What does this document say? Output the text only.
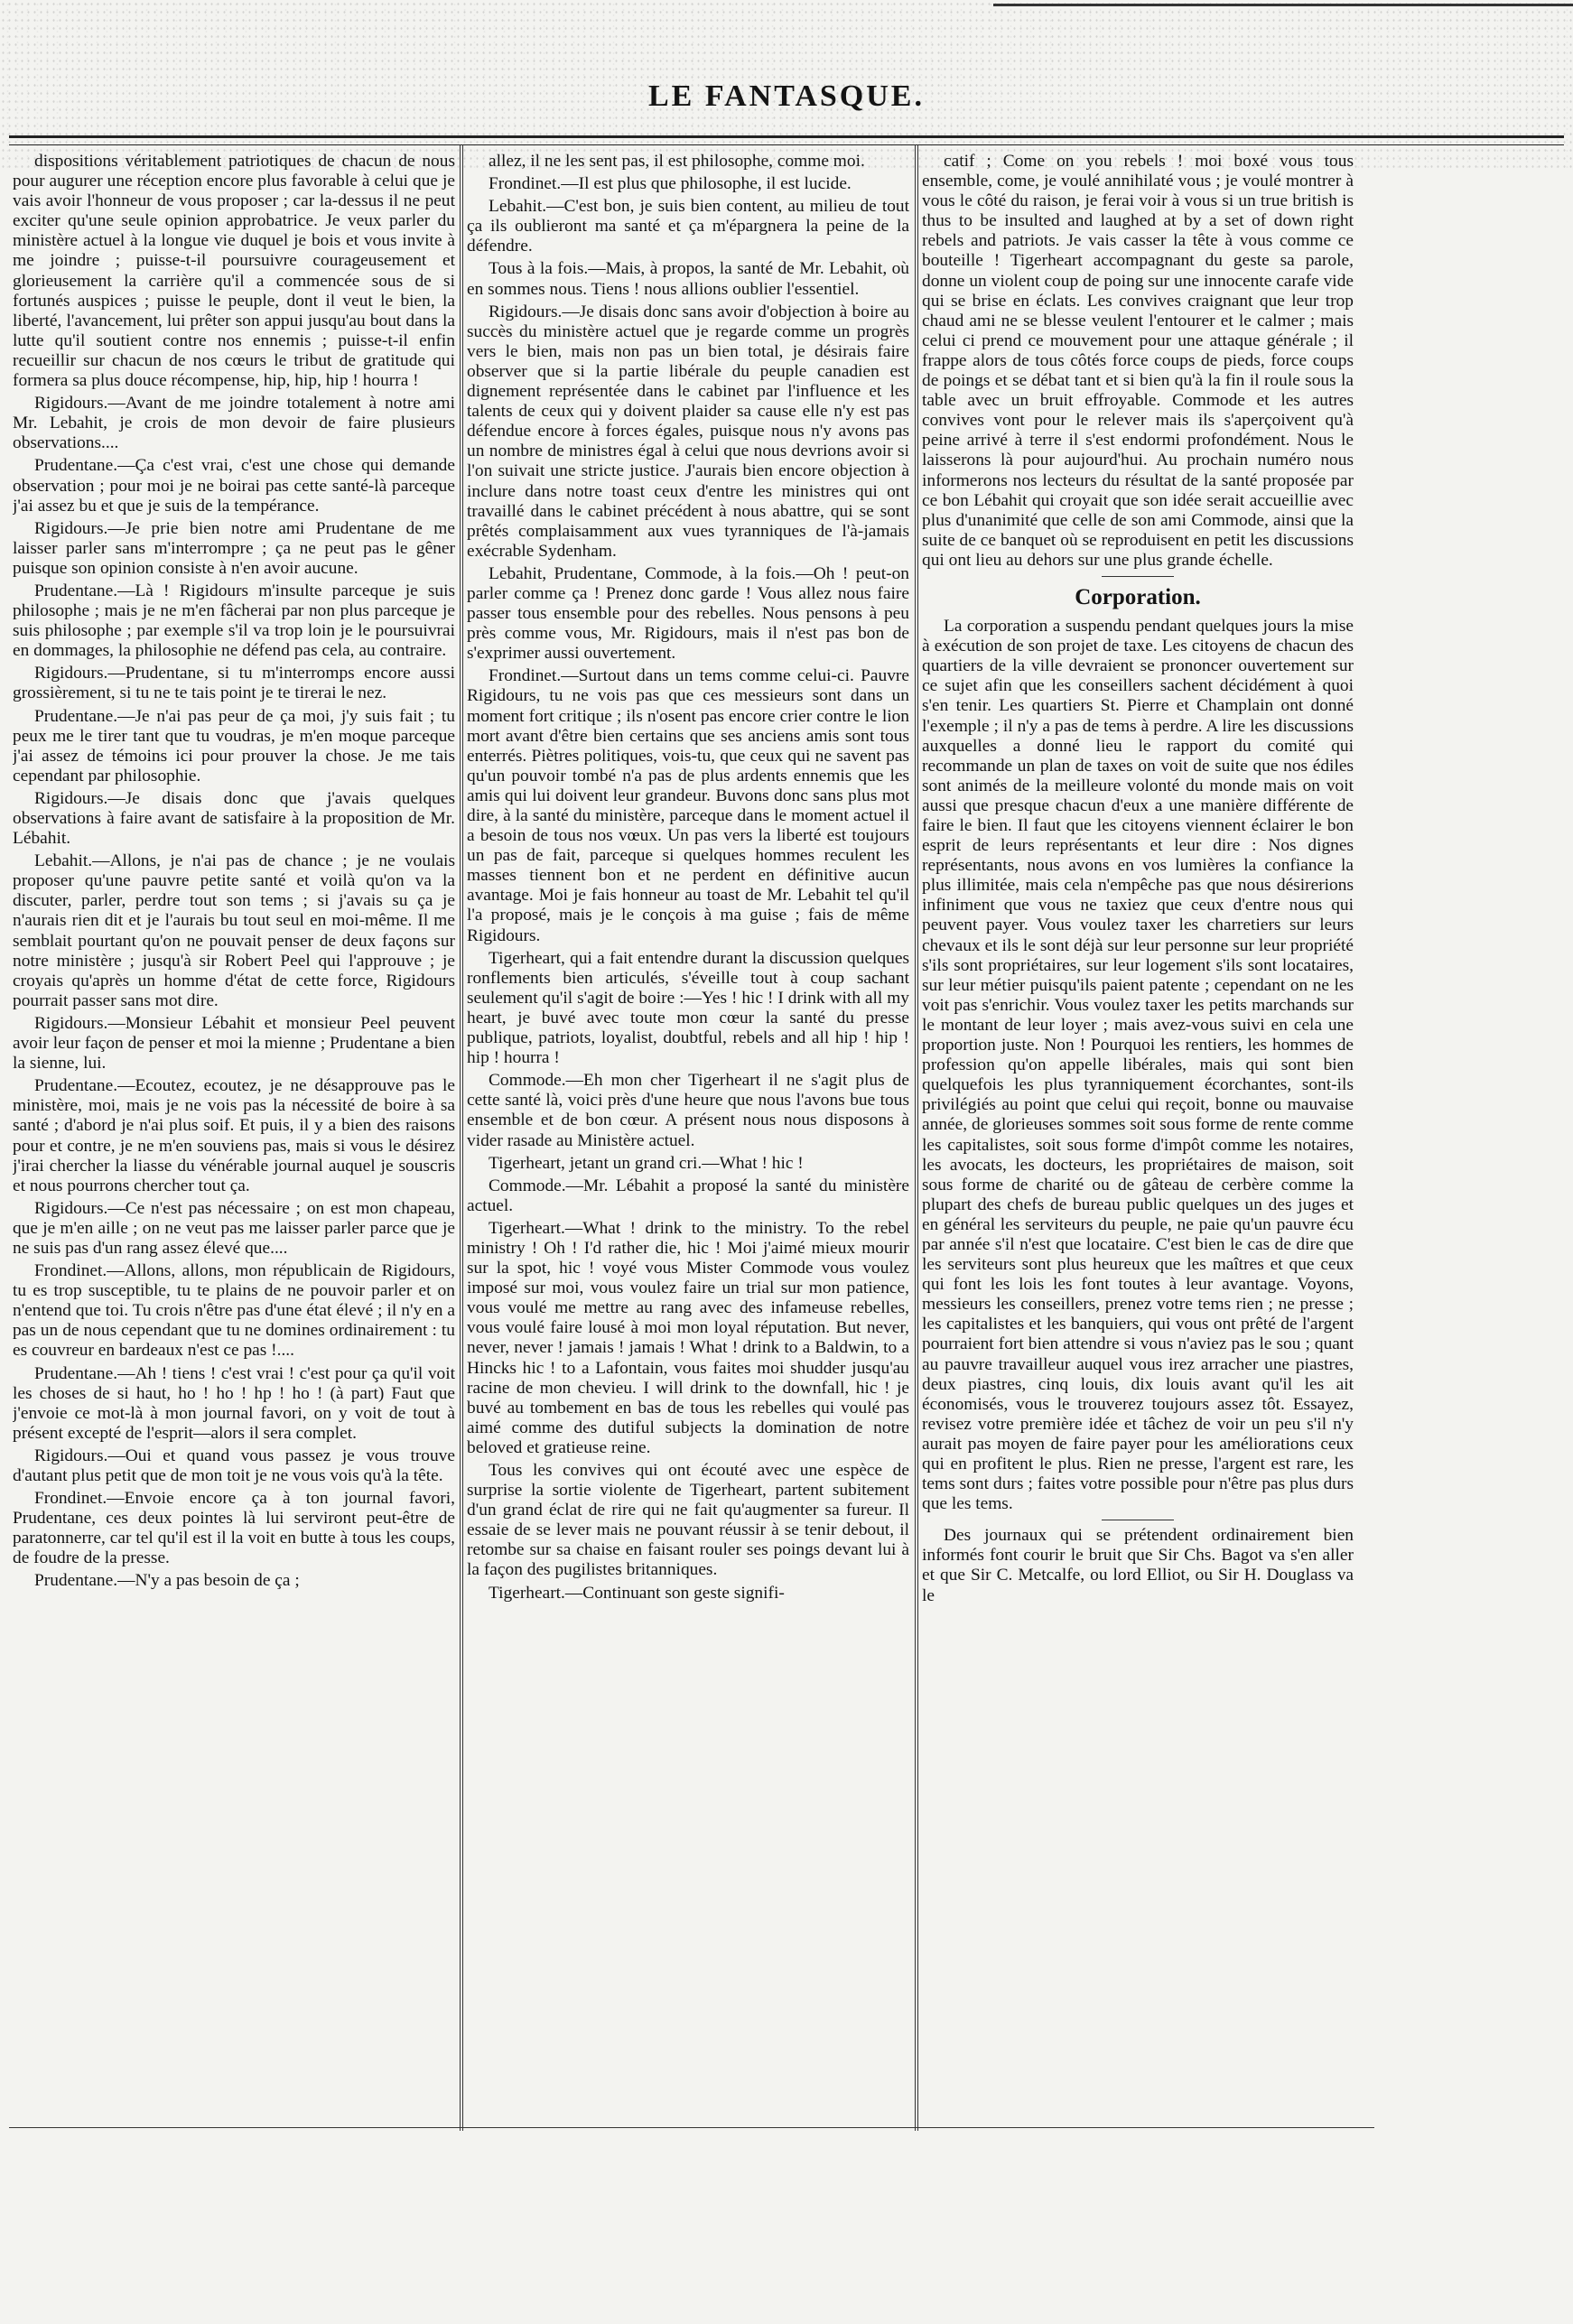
LE FANTASQUE.

dispositions véritablement patriotiques de chacun de nous pour augurer une réception encore plus favorable à celui que je vais avoir l'honneur de vous proposer ; car la-dessus il ne peut exciter qu'une seule opinion approbatrice. Je veux parler du ministère actuel à la longue vie duquel je bois et vous invite à me joindre ; puisse-t-il poursuivre courageusement et glorieusement la carrière qu'il a commencée sous de si fortunés auspices ; puisse le peuple, dont il veut le bien, la liberté, l'avancement, lui prêter son appui jusqu'au bout dans la lutte qu'il soutient contre nos ennemis ; puisse-t-il enfin recueillir sur chacun de nos cœurs le tribut de gratitude qui formera sa plus douce récompense, hip, hip, hip ! hourra !

Rigidours.—Avant de me joindre totalement à notre ami Mr. Lebahit, je crois de mon devoir de faire plusieurs observations....

Prudentane.—Ça c'est vrai, c'est une chose qui demande observation ; pour moi je ne boirai pas cette santé-là parceque j'ai assez bu et que je suis de la tempérance.

Rigidours.—Je prie bien notre ami Prudentane de me laisser parler sans m'interrompre ; ça ne peut pas le gêner puisque son opinion consiste à n'en avoir aucune.

Prudentane.—Là ! Rigidours m'insulte parceque je suis philosophe ; mais je ne m'en fâcherai par non plus parceque je suis philosophe ; par exemple s'il va trop loin je le poursuivrai en dommages, la philosophie ne défend pas cela, au contraire.

Rigidours.—Prudentane, si tu m'interromps encore aussi grossièrement, si tu ne te tais point je te tirerai le nez.

Prudentane.—Je n'ai pas peur de ça moi, j'y suis fait ; tu peux me le tirer tant que tu voudras, je m'en moque parceque j'ai assez de témoins ici pour prouver la chose. Je me tais cependant par philosophie.

Rigidours.—Je disais donc que j'avais quelques observations à faire avant de satisfaire à la proposition de Mr. Lébahit.

Lebahit.—Allons, je n'ai pas de chance ; je ne voulais proposer qu'une pauvre petite santé et voilà qu'on va la discuter, parler, perdre tout son tems ; si j'avais su ça je n'aurais rien dit et je l'aurais bu tout seul en moi-même. Il me semblait pourtant qu'on ne pouvait penser de deux façons sur notre ministère ; jusqu'à sir Robert Peel qui l'approuve ; je croyais qu'après un homme d'état de cette force, Rigidours pourrait passer sans mot dire.

Rigidours.—Monsieur Lébahit et monsieur Peel peuvent avoir leur façon de penser et moi la mienne ; Prudentane a bien la sienne, lui.

Prudentane.—Ecoutez, ecoutez, je ne désapprouve pas le ministère, moi, mais je ne vois pas la nécessité de boire à sa santé ; d'abord je n'ai plus soif. Et puis, il y a bien des raisons pour et contre, je ne m'en souviens pas, mais si vous le désirez j'irai chercher la liasse du vénérable journal auquel je souscris et nous pourrons chercher tout ça.

Rigidours.—Ce n'est pas nécessaire ; on est mon chapeau, que je m'en aille ; on ne veut pas me laisser parler parce que je ne suis pas d'un rang assez élevé que....

Frondinet.—Allons, allons, mon républicain de Rigidours, tu es trop susceptible, tu te plains de ne pouvoir parler et on n'entend que toi. Tu crois n'être pas d'une état élevé ; il n'y en a pas un de nous cependant que tu ne domines ordinairement : tu es couvreur en bardeaux n'est ce pas !....

Prudentane.—Ah ! tiens ! c'est vrai ! c'est pour ça qu'il voit les choses de si haut, ho ! ho ! hp ! ho ! (à part) Faut que j'envoie ce mot-là à mon journal favori, on y voit de tout à présent excepté de l'esprit—alors il sera complet.

Rigidours.—Oui et quand vous passez je vous trouve d'autant plus petit que de mon toit je ne vous vois qu'à la tête.

Frondinet.—Envoie encore ça à ton journal favori, Prudentane, ces deux pointes là lui serviront peut-être de paratonnerre, car tel qu'il est il la voit en butte à tous les coups, de foudre de la presse.

Prudentane.—N'y a pas besoin de ça ;

allez, il ne les sent pas, il est philosophe, comme moi.

Frondinet.—Il est plus que philosophe, il est lucide.

Lebahit.—C'est bon, je suis bien content, au milieu de tout ça ils oublieront ma santé et ça m'épargnera la peine de la défendre.

Tous à la fois.—Mais, à propos, la santé de Mr. Lebahit, où en sommes nous. Tiens ! nous allions oublier l'essentiel.

Rigidours.—Je disais donc sans avoir d'objection à boire au succès du ministère actuel que je regarde comme un progrès vers le bien, mais non pas un bien total, je désirais faire observer que si la partie libérale du peuple canadien est dignement représentée dans le cabinet par l'influence et les talents de ceux qui y doivent plaider sa cause elle n'y est pas défendue encore à forces égales, puisque nous n'y avons pas un nombre de ministres égal à celui que nous devrions avoir si l'on suivait une stricte justice. J'aurais bien encore objection à inclure dans notre toast ceux d'entre les ministres qui ont travaillé dans le cabinet précédent à nous abattre, qui se sont prêtés complaisamment aux vues tyranniques de l'à-jamais exécrable Sydenham.

Lebahit, Prudentane, Commode, à la fois.—Oh ! peut-on parler comme ça ! Prenez donc garde ! Vous allez nous faire passer tous ensemble pour des rebelles. Nous pensons à peu près comme vous, Mr. Rigidours, mais il n'est pas bon de s'exprimer aussi ouvertement.

Frondinet.—Surtout dans un tems comme celui-ci. Pauvre Rigidours, tu ne vois pas que ces messieurs sont dans un moment fort critique ; ils n'osent pas encore crier contre le lion mort avant d'être bien certains que ses anciens amis sont tous enterrés. Piètres politiques, vois-tu, que ceux qui ne savent pas qu'un pouvoir tombé n'a pas de plus ardents ennemis que les amis qui lui doivent leur grandeur. Buvons donc sans plus mot dire, à la santé du ministère, parceque dans le moment actuel il a besoin de tous nos vœux. Un pas vers la liberté est toujours un pas de fait, parceque si quelques hommes reculent les masses tiennent bon et ne perdent en définitive aucun avantage. Moi je fais honneur au toast de Mr. Lebahit tel qu'il l'a proposé, mais je le conçois à ma guise ; fais de même Rigidours.

Tigerheart, qui a fait entendre durant la discussion quelques ronflements bien articulés, s'éveille tout à coup sachant seulement qu'il s'agit de boire :—Yes ! hic ! I drink with all my heart, je buvé avec toute mon cœur la santé du presse publique, patriots, loyalist, doubtful, rebels and all hip ! hip ! hip ! hourra !

Commode.—Eh mon cher Tigerheart il ne s'agit plus de cette santé là, voici près d'une heure que nous l'avons bue tous ensemble et de bon cœur. A présent nous nous disposons à vider rasade au Ministère actuel.

Tigerheart, jetant un grand cri.—What ! hic !

Commode.—Mr. Lébahit a proposé la santé du ministère actuel.

Tigerheart.—What ! drink to the ministry. To the rebel ministry ! Oh ! I'd rather die, hic ! Moi j'aimé mieux mourir sur la spot, hic ! voyé vous Mister Commode vous voulez imposé sur moi, vous voulez faire un trial sur mon patience, vous voulé me mettre au rang avec des infameuse rebelles, vous voulé faire lousé à moi mon loyal réputation. But never, never, never ! jamais ! jamais ! What ! drink to a Baldwin, to a Hincks hic ! to a Lafontain, vous faites moi shudder jusqu'au racine de mon chevieu. I will drink to the downfall, hic ! je buvé au tombement en bas de tous les rebelles qui voulé pas aimé comme des dutiful subjects la domination de notre beloved et gratieuse reine.

Tous les convives qui ont écouté avec une espèce de surprise la sortie violente de Tigerheart, partent subitement d'un grand éclat de rire qui ne fait qu'augmenter sa fureur. Il essaie de se lever mais ne pouvant réussir à se tenir debout, il retombe sur sa chaise en faisant rouler ses poings devant lui à la façon des pugilistes britanniques.

Tigerheart.—Continuant son geste signifi-

catif ; Come on you rebels ! moi boxé vous tous ensemble, come, je voulé annihilaté vous ; je voulé montrer à vous le côté du raison, je ferai voir à vous si un true british is thus to be insulted and laughed at by a set of down right rebels and patriots. Je vais casser la tête à vous comme ce bouteille ! Tigerheart accompagnant du geste sa parole, donne un violent coup de poing sur une innocente carafe vide qui se brise en éclats. Les convives craignant que leur trop chaud ami ne se blesse veulent l'entourer et le calmer ; mais celui ci prend ce mouvement pour une attaque générale ; il frappe alors de tous côtés force coups de pieds, force coups de poings et se débat tant et si bien qu'à la fin il roule sous la table avec un bruit effroyable. Commode et les autres convives vont pour le relever mais ils s'aperçoivent qu'à peine arrivé à terre il s'est endormi profondément. Nous le laisserons là pour aujourd'hui. Au prochain numéro nous informerons nos lecteurs du résultat de la santé proposée par ce bon Lébahit qui croyait que son idée serait accueillie avec plus d'unanimité que celle de son ami Commode, ainsi que la suite de ce banquet où se reproduisent en petit les discussions qui ont lieu au dehors sur une plus grande échelle.

Corporation.

La corporation a suspendu pendant quelques jours la mise à exécution de son projet de taxe. Les citoyens de chacun des quartiers de la ville devraient se prononcer ouvertement sur ce sujet afin que les conseillers sachent décidément à quoi s'en tenir. Les quartiers St. Pierre et Champlain ont donné l'exemple ; il n'y a pas de tems à perdre. A lire les discussions auxquelles a donné lieu le rapport du comité qui recommande un plan de taxes on voit de suite que nos édiles sont animés de la meilleure volonté du monde mais on voit aussi que presque chacun d'eux a une manière différente de faire le bien. Il faut que les citoyens viennent éclairer le bon esprit de leurs représentants et leur dire : Nos dignes représentants, nous avons en vos lumières la confiance la plus illimitée, mais cela n'empêche pas que nous désirerions infiniment que vous ne taxiez que ceux d'entre nous qui peuvent payer. Vous voulez taxer les charretiers sur leurs chevaux et ils le sont déjà sur leur personne sur leur propriété s'ils sont propriétaires, sur leur logement s'ils sont locataires, sur leur métier puisqu'ils paient patente ; cependant on ne les voit pas s'enrichir. Vous voulez taxer les petits marchands sur le montant de leur loyer ; mais avez-vous suivi en cela une proportion juste. Non ! Pourquoi les rentiers, les hommes de profession qu'on appelle libérales, mais qui sont bien quelquefois les plus tyranniquement écorchantes, sont-ils privilégiés au point que celui qui reçoit, bonne ou mauvaise année, de glorieuses sommes soit sous forme de rente comme les capitalistes, soit sous forme d'impôt comme les notaires, les avocats, les docteurs, les propriétaires de maison, soit sous forme de charité ou de gâteau de cerbère comme la plupart des chefs de bureau public quelques un des juges et en général les serviteurs du peuple, ne paie qu'un pauvre écu par année s'il n'est que locataire. C'est bien le cas de dire que les serviteurs sont plus heureux que les maîtres et que ceux qui font les lois les font toutes à leur avantage. Voyons, messieurs les conseillers, prenez votre tems rien ; ne presse ; les capitalistes et les banquiers, qui vous ont prêté de l'argent pourraient fort bien attendre si vous n'aviez pas le sou ; quant au pauvre travailleur auquel vous irez arracher une piastres, deux piastres, cinq louis, dix louis avant qu'il les ait économisés, vous le trouverez toujours assez tôt. Essayez, revisez votre première idée et tâchez de voir un peu s'il n'y aurait pas moyen de faire payer pour les améliorations ceux qui en profitent le plus. Rien ne presse, l'argent est rare, les tems sont durs ; faites votre possible pour n'être pas plus durs que les tems.

Des journaux qui se prétendent ordinairement bien informés font courir le bruit que Sir Chs. Bagot va s'en aller et que Sir C. Metcalfe, ou lord Elliot, ou Sir H. Douglass va le
